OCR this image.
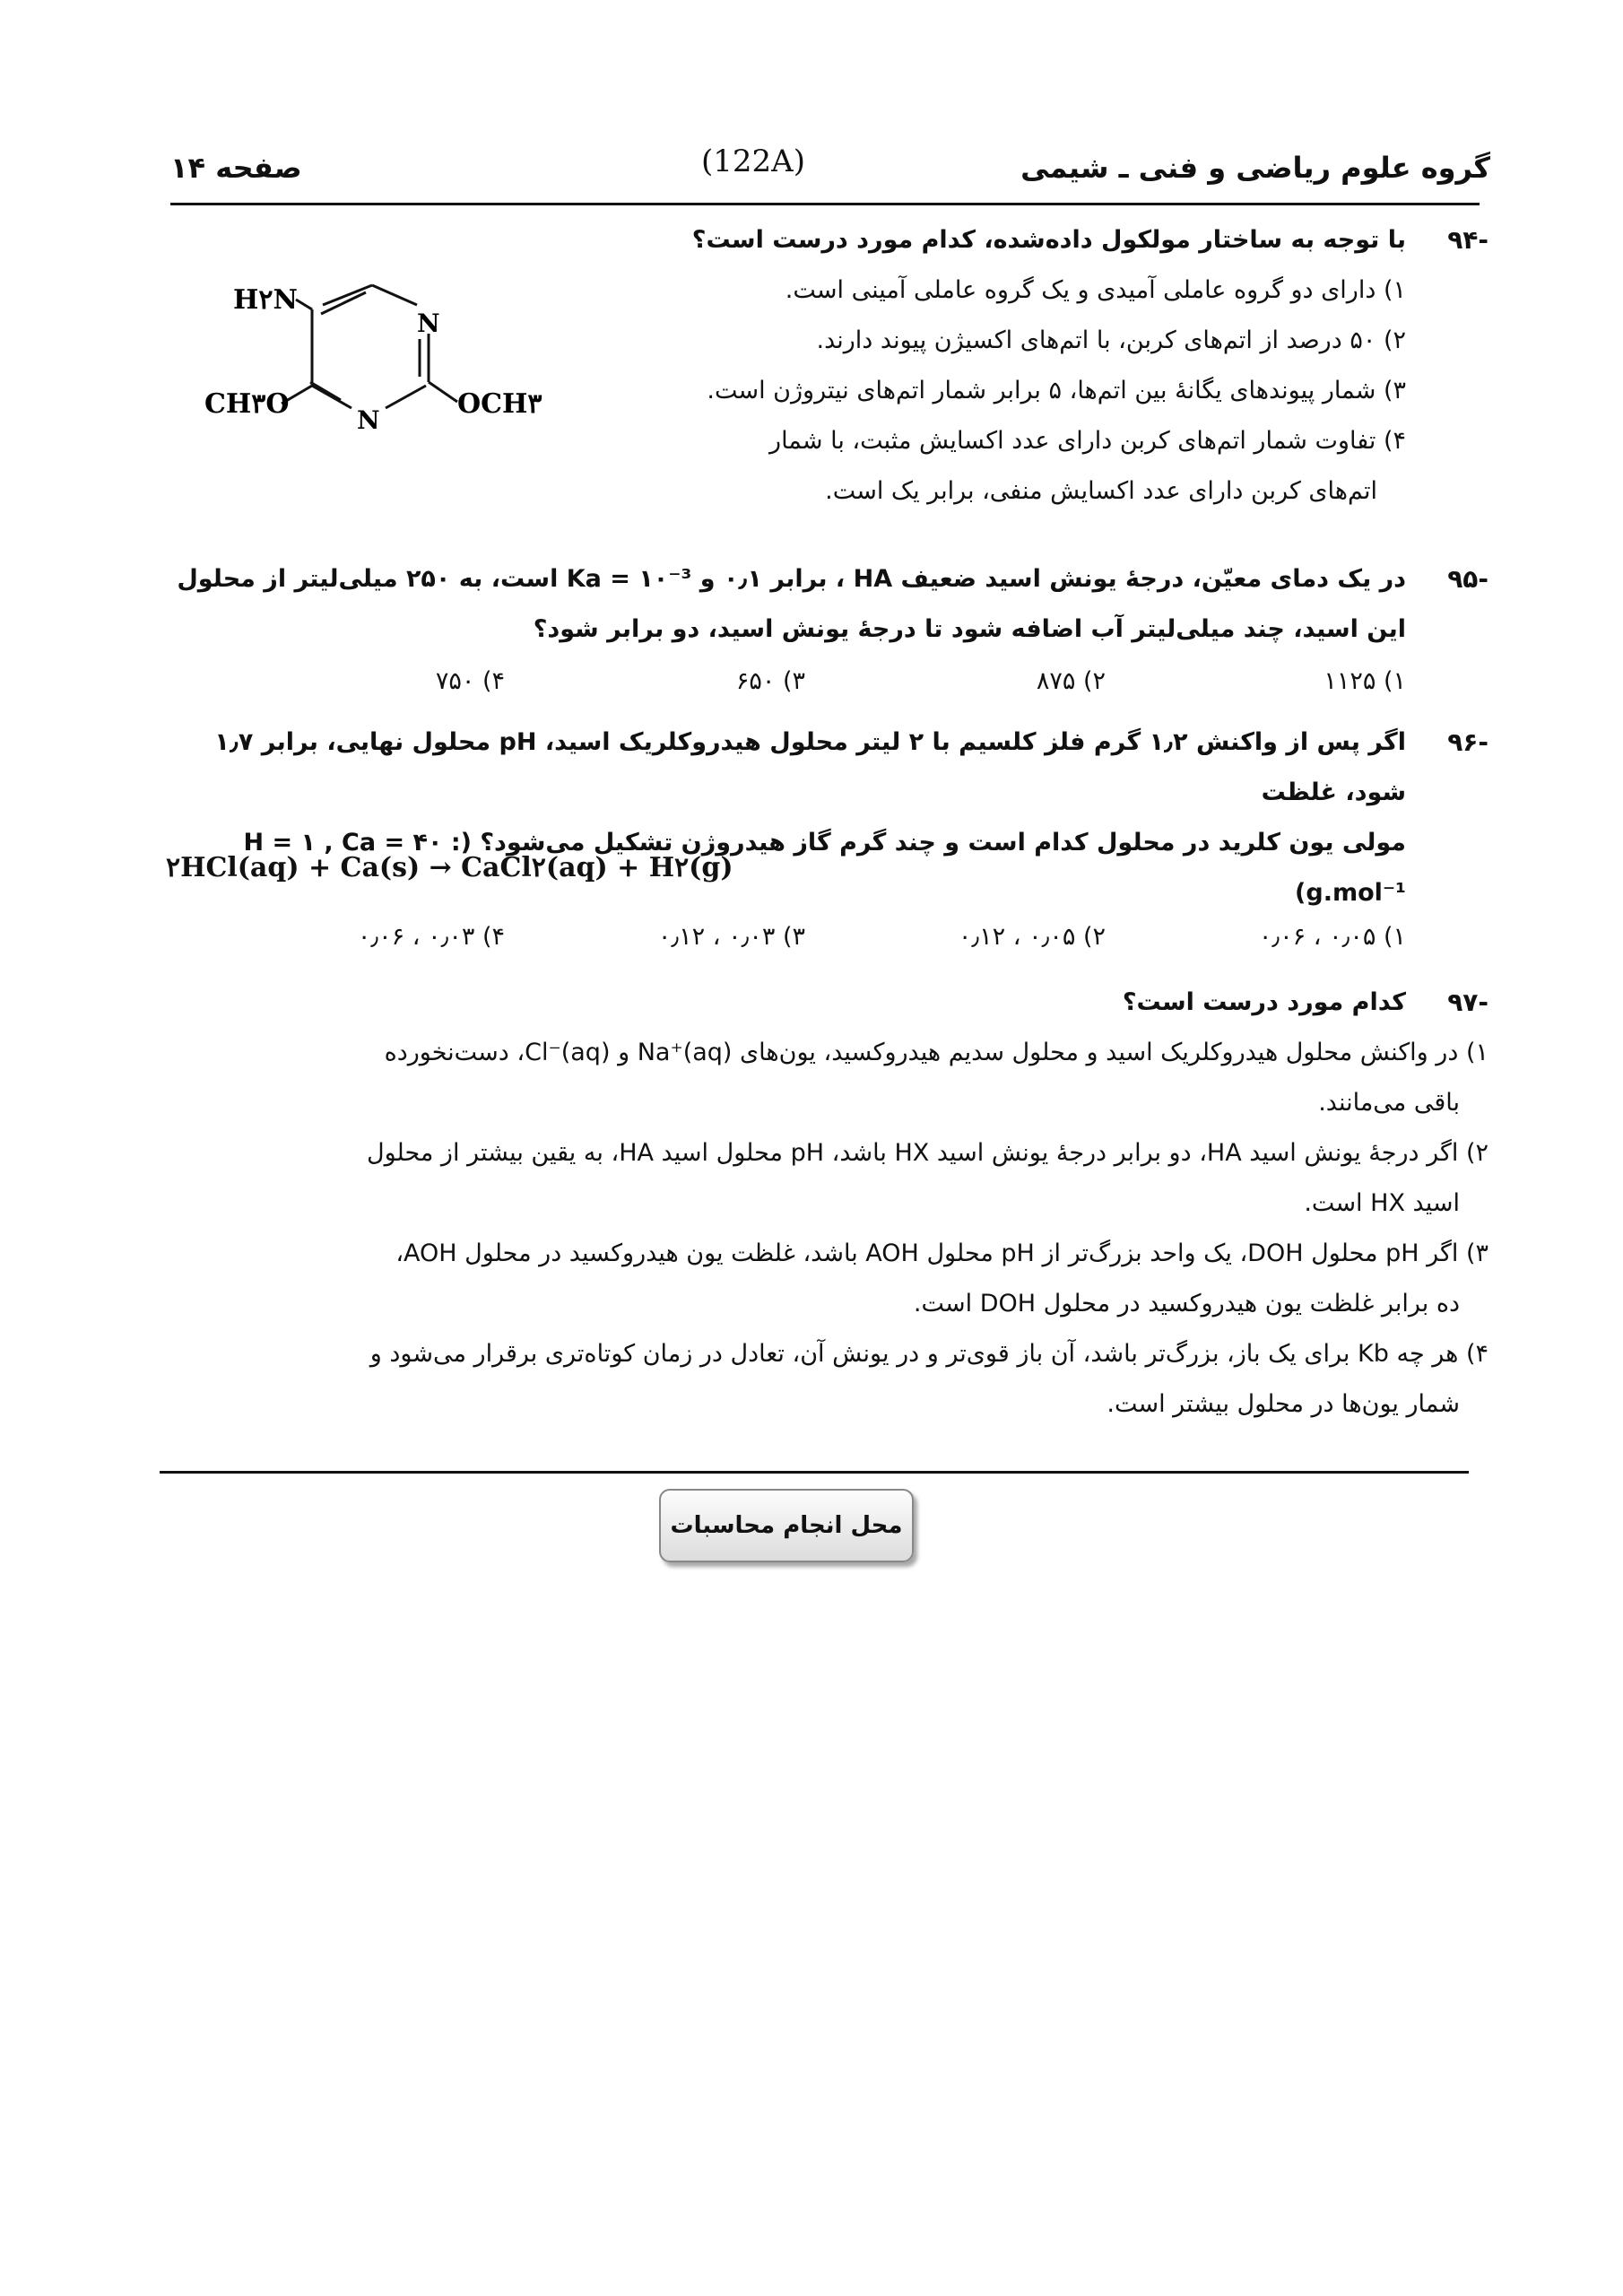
گروه علوم ریاضی و فنی ـ شیمی
(122A)
صفحه ۱۴
H۲N
N
N
CH۳O	OCH۳
-۹۴
با توجه به ساختار مولکول داده‌شده، کدام مورد درست است؟
۱) دارای دو گروه عاملی آمیدی و یک گروه عاملی آمینی است.
۲) ۵۰ درصد از اتم‌های کربن، با اتم‌های اکسیژن پیوند دارند.
۳) شمار پیوندهای یگانهٔ بین اتم‌ها، ۵ برابر شمار اتم‌های نیتروژن است.
۴) تفاوت شمار اتم‌های کربن دارای عدد اکسایش مثبت، با شمار
اتم‌های کربن دارای عدد اکسایش منفی، برابر یک است.
-۹۵
در یک دمای معیّن، درجهٔ یونش اسید ضعیف HA ، برابر ۰٫۱ و Ka = ۱۰⁻³ است، به ۲۵۰ میلی‌لیتر از محلول
این اسید، چند میلی‌لیتر آب اضافه شود تا درجهٔ یونش اسید، دو برابر شود؟
۱) ۱۱۲۵
۲) ۸۷۵
۳) ۶۵۰
۴) ۷۵۰
-۹۶
اگر پس از واکنش ۱٫۲ گرم فلز کلسیم با ۲ لیتر محلول هیدروکلریک اسید، pH محلول نهایی، برابر ۱٫۷ شود، غلظت
مولی یون کلرید در محلول کدام است و چند گرم گاز هیدروژن تشکیل می‌شود؟ (H = ۱ , Ca = ۴۰ : g.mol⁻¹)
۲HCl(aq) + Ca(s) → CaCl۲(aq) + H۲(g)
۱) ۰٫۰۵ ، ۰٫۰۶
۲) ۰٫۰۵ ، ۰٫۱۲
۳) ۰٫۰۳ ، ۰٫۱۲
۴) ۰٫۰۳ ، ۰٫۰۶
-۹۷
کدام مورد درست است؟
۱) در واکنش محلول هیدروکلریک اسید و محلول سدیم هیدروکسید، یون‌های Na⁺(aq) و Cl⁻(aq)، دست‌نخورده
باقی می‌مانند.
۲) اگر درجهٔ یونش اسید HA، دو برابر درجهٔ یونش اسید HX باشد، pH محلول اسید HA، به یقین بیشتر از محلول
اسید HX است.
۳) اگر pH محلول DOH، یک واحد بزرگ‌تر از pH محلول AOH باشد، غلظت یون هیدروکسید در محلول AOH،
ده برابر غلظت یون هیدروکسید در محلول DOH است.
۴) هر چه Kb برای یک باز، بزرگ‌تر باشد، آن باز قوی‌تر و در یونش آن، تعادل در زمان کوتاه‌تری برقرار می‌شود و
شمار یون‌ها در محلول بیشتر است.
محل انجام محاسبات
